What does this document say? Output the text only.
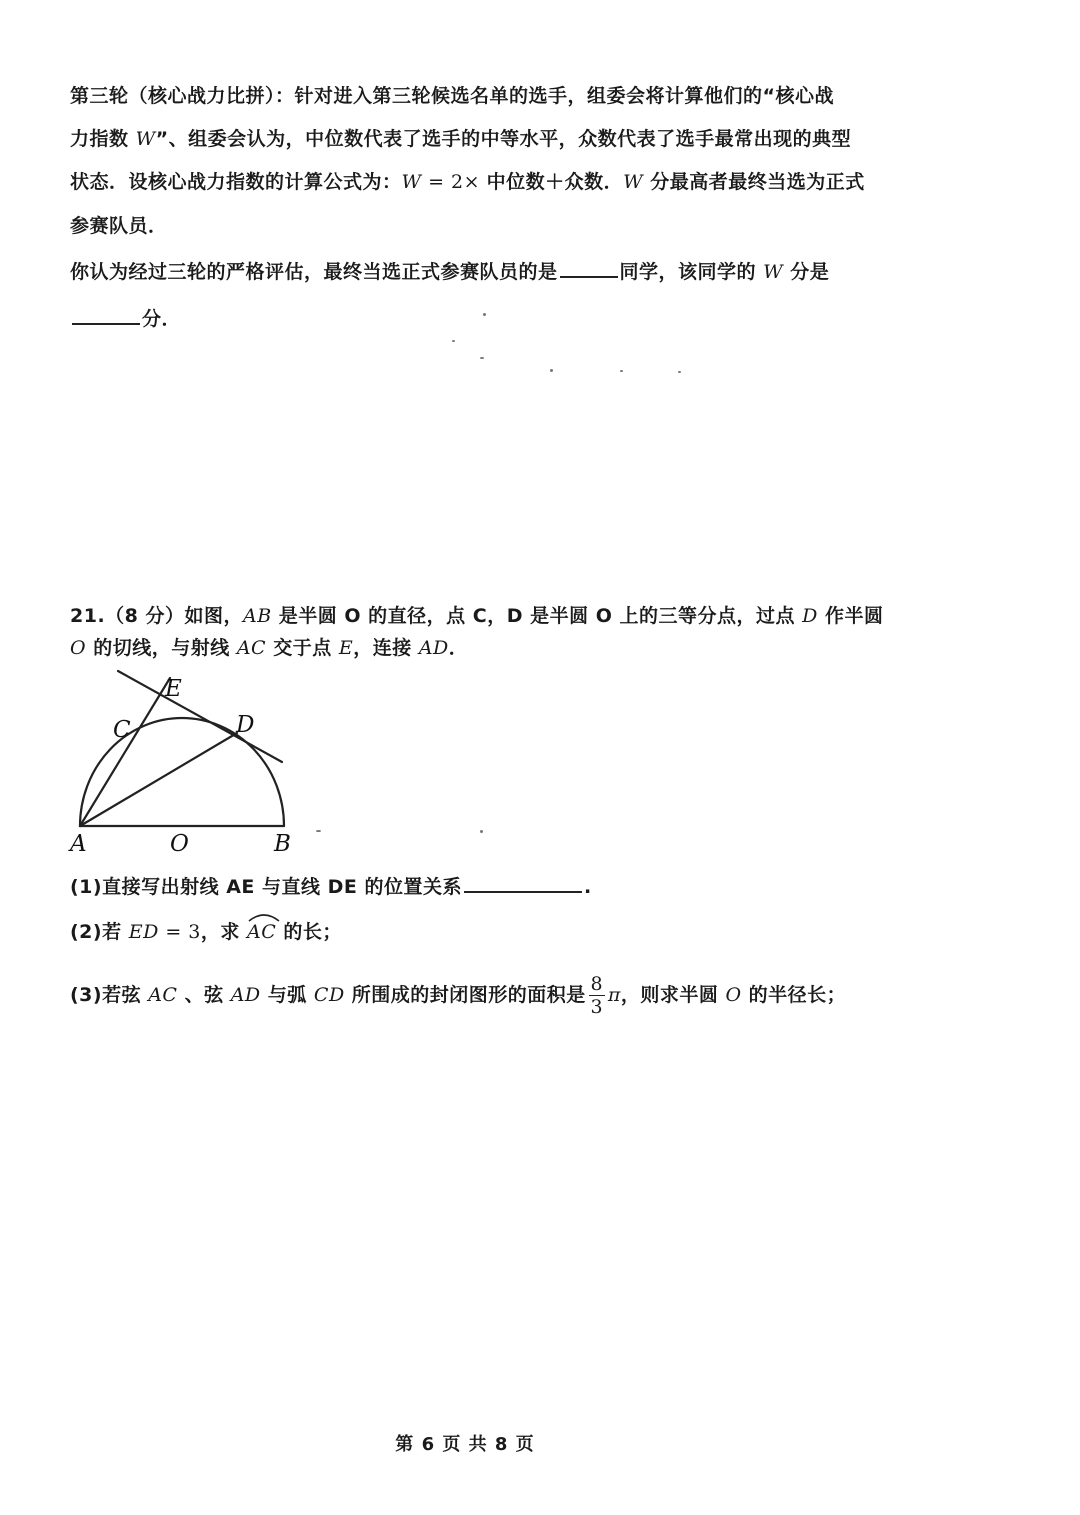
第三轮（核心战力比拼）：针对进入第三轮候选名单的选手，组委会将计算他们的“核心战
力指数 W”、组委会认为，中位数代表了选手的中等水平，众数代表了选手最常出现的典型
状态．设核心战力指数的计算公式为：W = 2× 中位数＋众数．W 分最高者最终当选为正式
参赛队员．
你认为经过三轮的严格评估，最终当选正式参赛队员的是	同学，该同学的 W 分是
分．
21.（8 分）如图，AB 是半圆 O 的直径，点 C，D 是半圆 O 上的三等分点，过点 D 作半圆
O 的切线，与射线 AC 交于点 E，连接 AD．
E
C	D
A	O	B
(1)直接写出射线 AE 与直线 DE 的位置关系	.
(2)若 ED = 3，求
AC 的长；
(3)若弦 AC 、弦 AD 与弧 CD 所围成的封闭图形的面积是 $\frac{8}{3}$ π，则求半圆 O 的半径长；
第 6 页 共 8 页
